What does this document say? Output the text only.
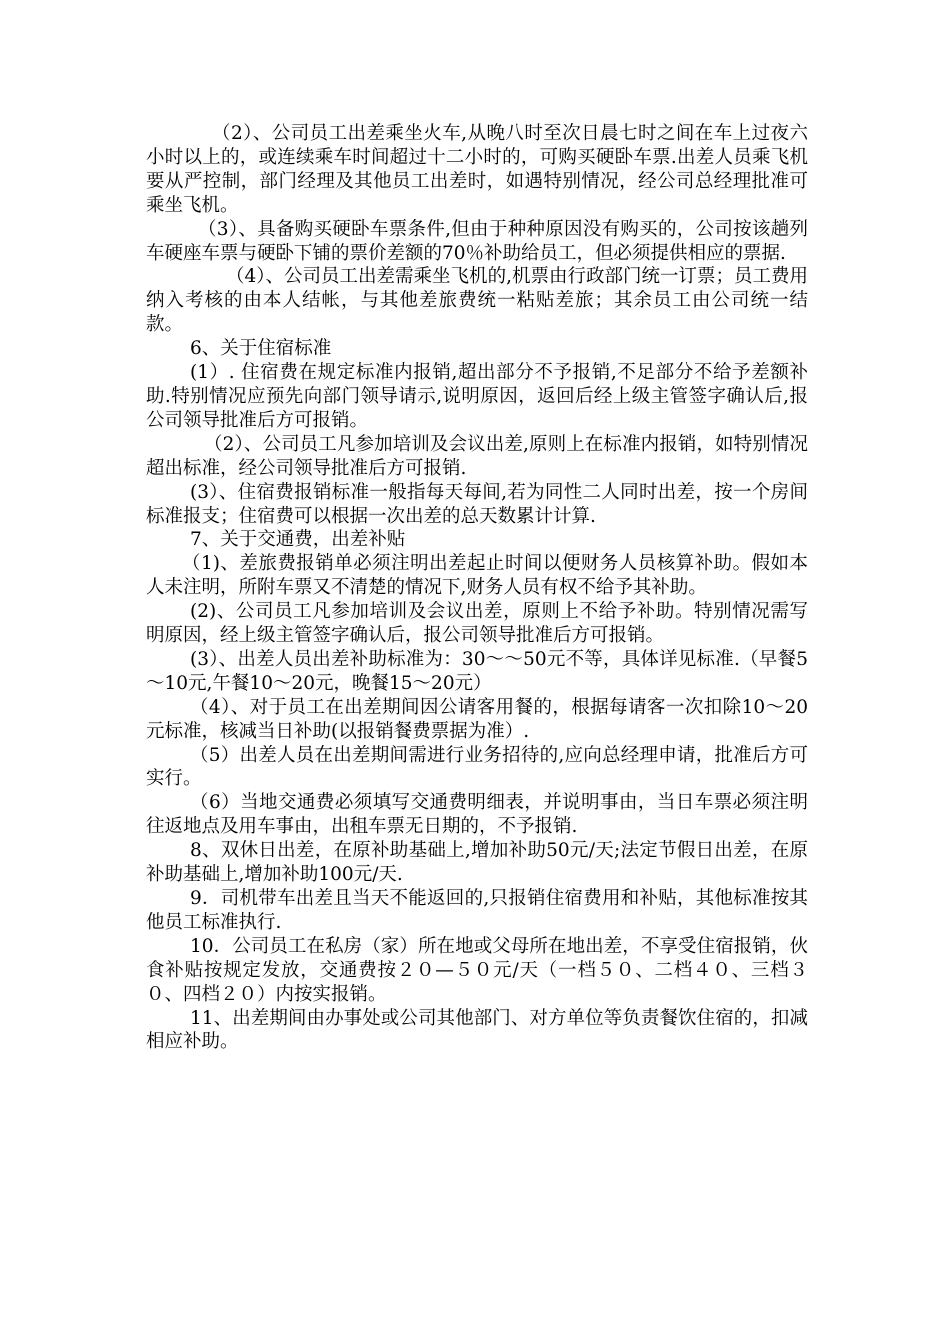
（2）、公司员工出差乘坐火车,从晚八时至次日晨七时之间在车上过夜六小时以上的，或连续乘车时间超过十二小时的，可购买硬卧车票.出差人员乘飞机要从严控制，部门经理及其他员工出差时，如遇特别情况，经公司总经理批准可乘坐飞机。

（3）、具备购买硬卧车票条件,但由于种种原因没有购买的，公司按该趟列车硬座车票与硬卧下铺的票价差额的70％补助给员工，但必须提供相应的票据.

（4）、公司员工出差需乘坐飞机的,机票由行政部门统一订票；员工费用纳入考核的由本人结帐，与其他差旅费统一粘贴差旅；其余员工由公司统一结款。

6、关于住宿标准

(1）. 住宿费在规定标准内报销,超出部分不予报销,不足部分不给予差额补助.特别情况应预先向部门领导请示,说明原因，返回后经上级主管签字确认后,报公司领导批准后方可报销。

（2）、公司员工凡参加培训及会议出差,原则上在标准内报销，如特别情况超出标准，经公司领导批准后方可报销.

(3）、住宿费报销标准一般指每天每间,若为同性二人同时出差，按一个房间标准报支；住宿费可以根据一次出差的总天数累计计算.

7、关于交通费，出差补贴

（1)、差旅费报销单必须注明出差起止时间以便财务人员核算补助。假如本人未注明，所附车票又不清楚的情况下,财务人员有权不给予其补助。

(2)、公司员工凡参加培训及会议出差，原则上不给予补助。特别情况需写明原因，经上级主管签字确认后，报公司领导批准后方可报销。

(3）、出差人员出差补助标准为：30～～50元不等，具体详见标准.（早餐5～10元,午餐10～20元，晚餐15～20元）

（4）、对于员工在出差期间因公请客用餐的，根据每请客一次扣除10～20元标准，核减当日补助(以报销餐费票据为准）.

（5）出差人员在出差期间需进行业务招待的,应向总经理申请，批准后方可实行。

（6）当地交通费必须填写交通费明细表，并说明事由，当日车票必须注明往返地点及用车事由，出租车票无日期的，不予报销.

8、双休日出差，在原补助基础上,增加补助50元/天;法定节假日出差，在原补助基础上,增加补助100元/天.

9．司机带车出差且当天不能返回的,只报销住宿费用和补贴，其他标准按其他员工标准执行.

10．公司员工在私房（家）所在地或父母所在地出差，不享受住宿报销，伙食补贴按规定发放，交通费按２０—５０元/天（一档５０、二档４０、三档３０、四档２０）内按实报销。

11、出差期间由办事处或公司其他部门、对方单位等负责餐饮住宿的，扣减相应补助。
